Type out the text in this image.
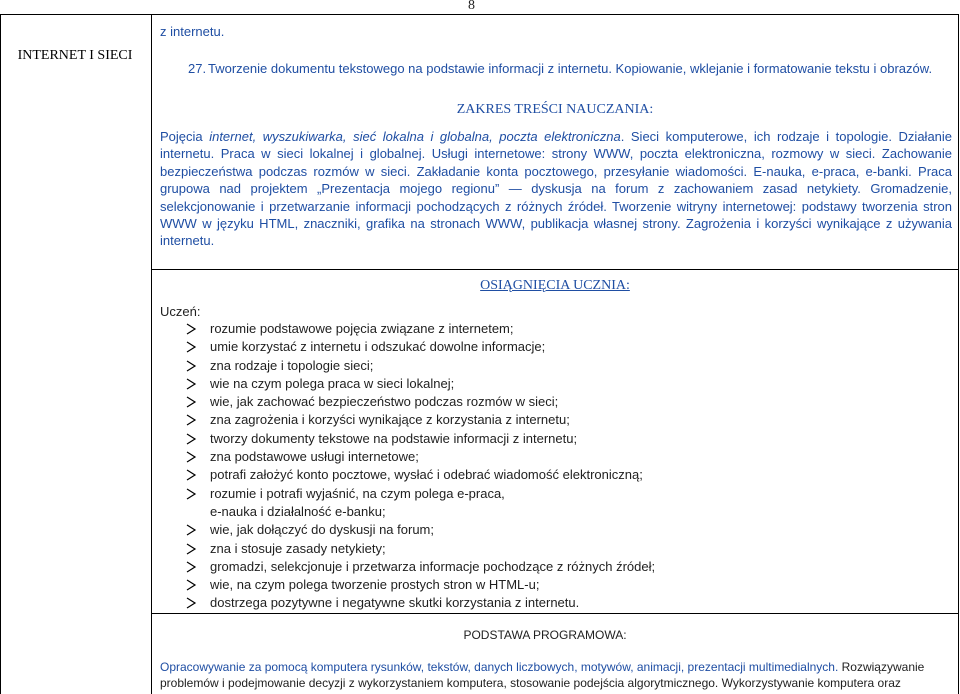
8
INTERNET I SIECI
z internetu.
27. Tworzenie dokumentu tekstowego na podstawie informacji z internetu. Kopiowanie, wklejanie i formatowanie tekstu i obrazów.
ZAKRES TREŚCI NAUCZANIA:
Pojęcia internet, wyszukiwarka, sieć lokalna i globalna, poczta elektroniczna. Sieci komputerowe, ich rodzaje i topologie. Działanie internetu. Praca w sieci lokalnej i globalnej. Usługi internetowe: strony WWW, poczta elektroniczna, rozmowy w sieci. Zachowanie bezpieczeństwa podczas rozmów w sieci. Zakładanie konta pocztowego, przesyłanie wiadomości. E-nauka, e-praca, e-banki. Praca grupowa nad projektem „Prezentacja mojego regionu” — dyskusja na forum z zachowaniem zasad netykiety. Gromadzenie, selekcjonowanie i przetwarzanie informacji pochodzących z różnych źródeł. Tworzenie witryny internetowej: podstawy tworzenia stron WWW w języku HTML, znaczniki, grafika na stronach WWW, publikacja własnej strony. Zagrożenia i korzyści wynikające z używania internetu.
OSIĄGNIĘCIA UCZNIA:
Uczeń:
rozumie podstawowe pojęcia związane z internetem;
umie korzystać z internetu i odszukać dowolne informacje;
zna rodzaje i topologie sieci;
wie na czym polega praca w sieci lokalnej;
wie, jak zachować bezpieczeństwo podczas rozmów w sieci;
zna zagrożenia i korzyści wynikające z korzystania z internetu;
tworzy dokumenty tekstowe na podstawie informacji z internetu;
zna podstawowe usługi internetowe;
potrafi założyć konto pocztowe, wysłać i odebrać wiadomość elektroniczną;
rozumie i potrafi wyjaśnić, na czym polega e-praca,
e-nauka i działalność e-banku;
wie, jak dołączyć do dyskusji na forum;
zna i stosuje zasady netykiety;
gromadzi, selekcjonuje i przetwarza informacje pochodzące z różnych źródeł;
wie, na czym polega tworzenie prostych stron w HTML-u;
dostrzega pozytywne i negatywne skutki korzystania z internetu.
PODSTAWA PROGRAMOWA:
Opracowywanie za pomocą komputera rysunków, tekstów, danych liczbowych, motywów, animacji, prezentacji multimedialnych. Rozwiązywanie problemów i podejmowanie decyzji z wykorzystaniem komputera, stosowanie podejścia algorytmicznego. Wykorzystywanie komputera oraz
